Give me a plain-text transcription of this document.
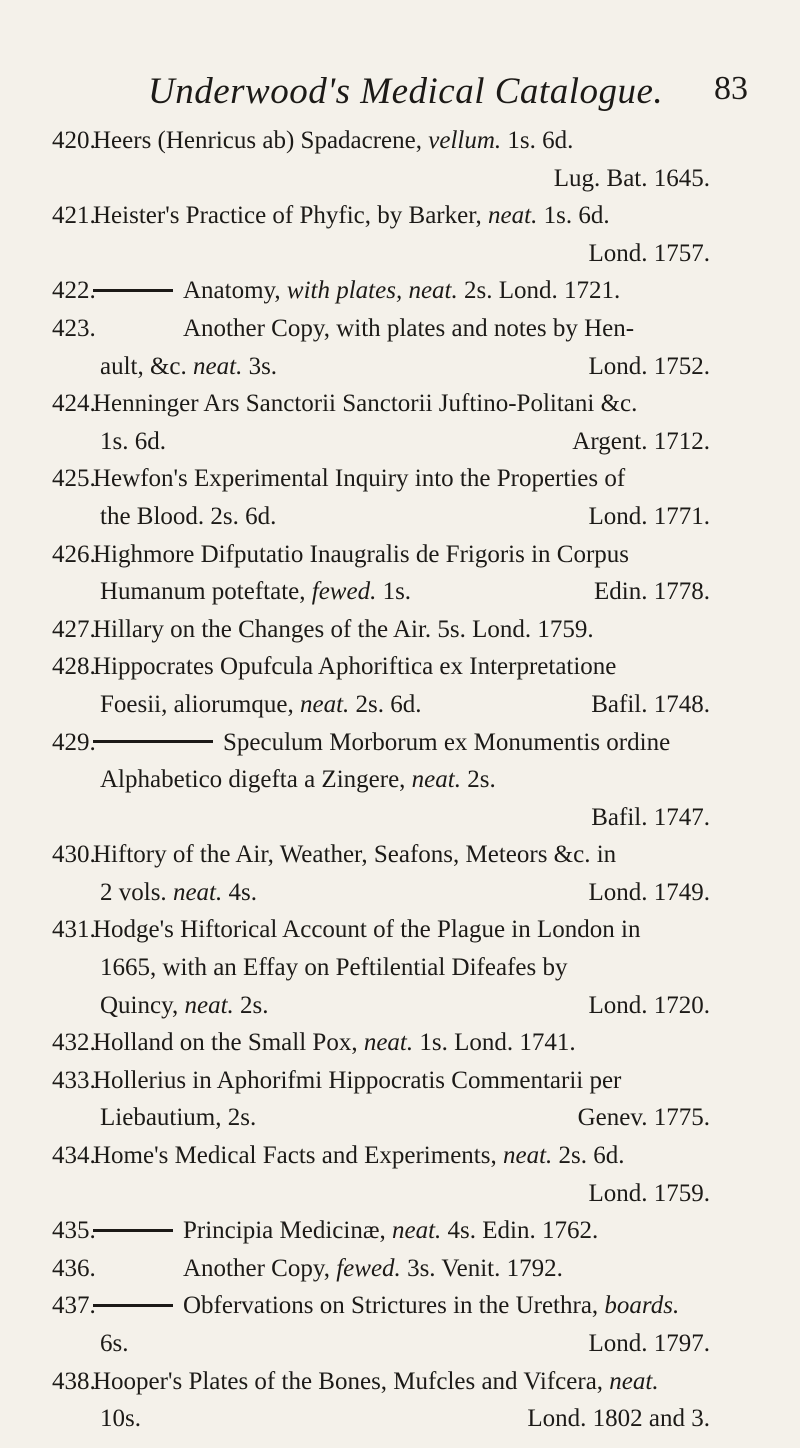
Underwood's Medical Catalogue. 83
420.
Heers (Henricus ab) Spadacrene, vellum. 1s. 6d.
Lug. Bat. 1645.
421.
Heister's Practice of Phyfic, by Barker, neat. 1s. 6d.
Lond. 1757.
422.	Anatomy, with plates, neat. 2s. Lond. 1721.
423.	Another Copy, with plates and notes by Hen-
ault, &c. neat. 3s.	Lond. 1752.
424.
Henninger Ars Sanctorii Sanctorii Juftino-Politani &c.
1s. 6d.	Argent. 1712.
425.
Hewfon's Experimental Inquiry into the Properties of
the Blood. 2s. 6d.	Lond. 1771.
426.
Highmore Difputatio Inaugralis de Frigoris in Corpus
Humanum poteftate, fewed. 1s.	Edin. 1778.
427.
Hillary on the Changes of the Air. 5s. Lond. 1759.
428.
Hippocrates Opufcula Aphoriftica ex Interpretatione
Foesii, aliorumque, neat. 2s. 6d.	Bafil. 1748.
429.	Speculum Morborum ex Monumentis ordine
Alphabetico digefta a Zingere, neat. 2s.
Bafil. 1747.
430.
Hiftory of the Air, Weather, Seafons, Meteors &c. in
2 vols. neat. 4s.	Lond. 1749.
431.
Hodge's Hiftorical Account of the Plague in London in
1665, with an Effay on Peftilential Difeafes by
Quincy, neat. 2s.	Lond. 1720.
432.
Holland on the Small Pox, neat. 1s. Lond. 1741.
433.
Hollerius in Aphorifmi Hippocratis Commentarii per
Liebautium, 2s.	Genev. 1775.
434.
Home's Medical Facts and Experiments, neat. 2s. 6d.
Lond. 1759.
435.	Principia Medicinæ, neat. 4s. Edin. 1762.
436.	Another Copy, fewed. 3s. Venit. 1792.
437.	Obfervations on Strictures in the Urethra, boards.
6s.	Lond. 1797.
438.
Hooper's Plates of the Bones, Mufcles and Vifcera, neat.
10s.	Lond. 1802 and 3.
